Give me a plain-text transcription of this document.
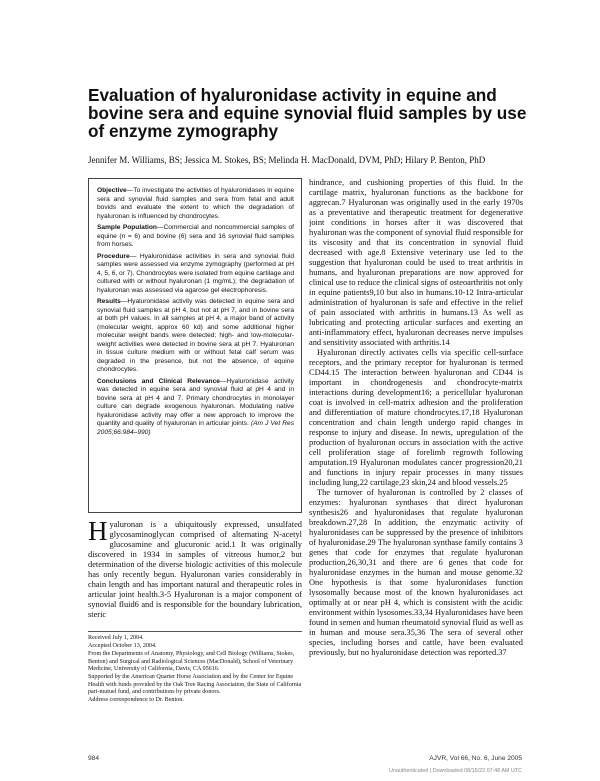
Evaluation of hyaluronidase activity in equine and bovine sera and equine synovial fluid samples by use of enzyme zymography
Jennifer M. Williams, BS; Jessica M. Stokes, BS; Melinda H. MacDonald, DVM, PhD; Hilary P. Benton, PhD

Objective—To investigate the activities of hyaluronidases in equine sera and synovial fluid samples and sera from fetal and adult bovids and evaluate the extent to which the degradation of hyaluronan is influenced by chondrocytes.

Sample Population—Commercial and noncommercial samples of equine (n = 6) and bovine (6) sera and 16 synovial fluid samples from horses.

Procedure— Hyaluronidase activities in sera and synovial fluid samples were assessed via enzyme zymography (performed at pH 4, 5, 6, or 7). Chondrocytes were isolated from equine cartilage and cultured with or without hyaluronan (1 mg/mL); the degradation of hyaluronan was assessed via agarose gel electrophoresis.

Results—Hyaluronidase activity was detected in equine sera and synovial fluid samples at pH 4, but not at pH 7, and in bovine sera at both pH values. In all samples at pH 4, a major band of activity (molecular weight, approx 60 kd) and some additional higher molecular weight bands were detected; high- and low-molecular-weight activities were detected in bovine sera at pH 7. Hyaluronan in tissue culture medium with or without fetal calf serum was degraded in the presence, but not the absence, of equine chondrocytes.

Conclusions and Clinical Relevance—Hyaluronidase activity was detected in equine sera and synovial fluid at pH 4 and in bovine sera at pH 4 and 7. Primary chondrocytes in monolayer culture can degrade exogenous hyaluronan. Modulating native hyaluronidase activity may offer a new approach to improve the quantity and quality of hyaluronan in articular joints. (Am J Vet Res 2005;66:984–990)

Hyaluronan is a ubiquitously expressed, unsulfated glycosaminoglycan comprised of alternating N-acetyl glucosamine and glucuronic acid.1 It was originally discovered in 1934 in samples of vitreous humor,2 but determination of the diverse biologic activities of this molecule has only recently begun. Hyaluronan varies considerably in chain length and has important natural and therapeutic roles in articular joint health.3-5 Hyaluronan is a major component of synovial fluid6 and is responsible for the boundary lubrication, steric

Received July 1, 2004.

Accepted October 13, 2004.

From the Departments of Anatomy, Physiology, and Cell Biology (Williams, Stokes, Benton) and Surgical and Radiological Sciences (MacDonald), School of Veterinary Medicine, University of California, Davis, CA 95616.

Supported by the American Quarter Horse Association and by the Center for Equine Health with funds provided by the Oak Tree Racing Association, the State of California pari-mutuel fund, and contributions by private donors.

Address correspondence to Dr. Benton.

hindrance, and cushioning properties of this fluid. In the cartilage matrix, hyaluronan functions as the backbone for aggrecan.7 Hyaluronan was originally used in the early 1970s as a preventative and therapeutic treatment for degenerative joint conditions in horses after it was discovered that hyaluronan was the component of synovial fluid responsible for its viscosity and that its concentration in synovial fluid decreased with age.8 Extensive veterinary use led to the suggestion that hyaluronan could be used to treat arthritis in humans, and hyaluronan preparations are now approved for clinical use to reduce the clinical signs of osteoarthritis not only in equine patients9,10 but also in humans.10-12 Intra-articular administration of hyaluronan is safe and effective in the relief of pain associated with arthritis in humans.13 As well as lubricating and protecting articular surfaces and exerting an anti-inflammatory effect, hyaluronan decreases nerve impulses and sensitivity associated with arthritis.14

Hyaluronan directly activates cells via specific cell-surface receptors, and the primary receptor for hyaluronan is termed CD44.15 The interaction between hyaluronan and CD44 is important in chondrogenesis and chondrocyte-matrix interactions during development16; a pericellular hyaluronan coat is involved in cell-matrix adhesion and the proliferation and differentiation of mature chondrocytes.17,18 Hyaluronan concentration and chain length undergo rapid changes in response to injury and disease. In newts, upregulation of the production of hyaluronan occurs in association with the active cell proliferation stage of forelimb regrowth following amputation.19 Hyaluronan modulates cancer progression20,21 and functions in injury repair processes in many tissues including lung,22 cartilage,23 skin,24 and blood vessels.25

The turnover of hyaluronan is controlled by 2 classes of enzymes: hyaluronan synthases that direct hyaluronan synthesis26 and hyaluronidases that regulate hyaluronan breakdown.27,28 In addition, the enzymatic activity of hyaluronidases can be suppressed by the presence of inhibitors of hyaluronidase.29 The hyaluronan synthase family contains 3 genes that code for enzymes that regulate hyaluronan production,26,30,31 and there are 6 genes that code for hyaluronidase enzymes in the human and mouse genome.32 One hypothesis is that some hyaluronidases function lysosomally because most of the known hyaluronidases act optimally at or near pH 4, which is consistent with the acidic environment within lysosomes.33,34 Hyaluronidases have been found in semen and human rheumatoid synovial fluid as well as in human and mouse sera.35,36 The sera of several other species, including horses and cattle, have been evaluated previously, but no hyaluronidase detection was reported.37

984	AJVR, Vol 66, No. 6, June 2005
Unauthenticated | Downloaded 08/15/22 07:48 AM UTC
